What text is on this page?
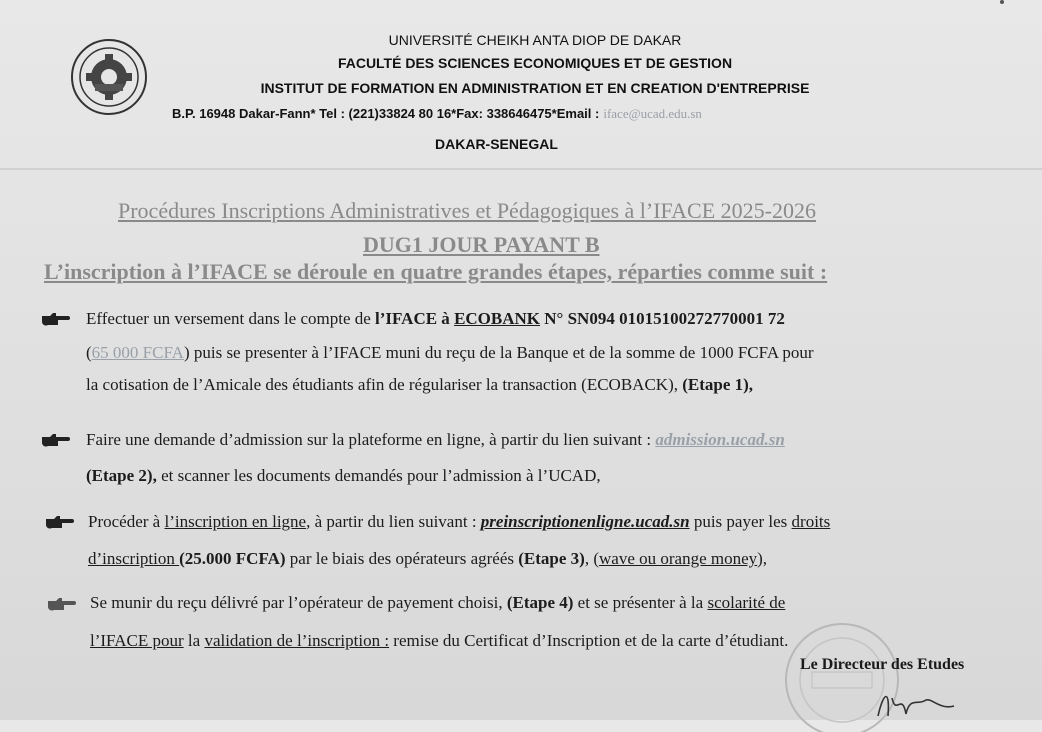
UNIVERSITÉ CHEIKH ANTA DIOP DE DAKAR
FACULTÉ DES SCIENCES ECONOMIQUES ET DE GESTION
INSTITUT DE FORMATION EN ADMINISTRATION ET EN CREATION D'ENTREPRISE
B.P. 16948 Dakar-Fann* Tel : (221)33824 80 16*Fax: 338646475*Email : iface@ucad.edu.sn
DAKAR-SENEGAL
Procédures Inscriptions Administratives et Pédagogiques à l’IFACE 2025-2026
DUG1 JOUR PAYANT B
L’inscription à l’IFACE se déroule en quatre grandes étapes, réparties comme suit :
Effectuer un versement dans le compte de l’IFACE à ECOBANK N° SN094 01015100272770001 72
(65 000 FCFA) puis se presenter à l’IFACE muni du reçu de la Banque et de la somme de 1000 FCFA pour
la cotisation de l’Amicale des étudiants afin de régulariser la transaction (ECOBACK), (Etape 1),
Faire une demande d’admission sur la plateforme en ligne, à partir du lien suivant : admission.ucad.sn
(Etape 2), et scanner les documents demandés pour l’admission à l’UCAD,
Procéder à l’inscription en ligne, à partir du lien suivant : preinscriptionenligne.ucad.sn puis payer les droits
d’inscription (25.000 FCFA) par le biais des opérateurs agréés (Etape 3), (wave ou orange money),
Se munir du reçu délivré par l’opérateur de payement choisi, (Etape 4) et se présenter à la scolarité de
l’IFACE pour la validation de l’inscription : remise du Certificat d’Inscription et de la carte d’étudiant.
Le Directeur des Etudes
